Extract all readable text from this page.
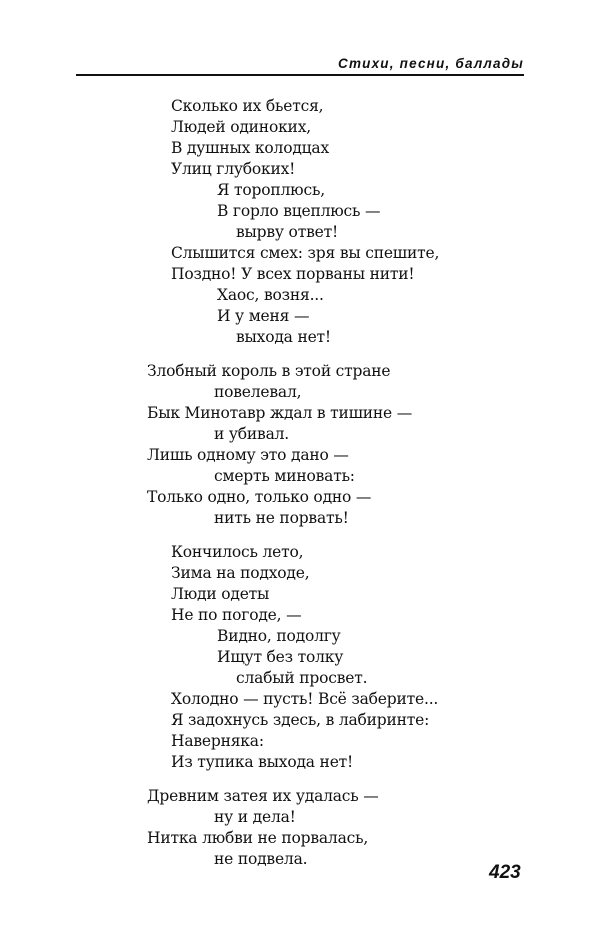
Стихи, песни, баллады
Сколько их бьется,
Людей одиноких,
В душных колодцах
Улиц глубоких!
Я тороплюсь,
В горло вцеплюсь —
вырву ответ!
Слышится смех: зря вы спешите,
Поздно! У всех порваны нити!
Хаос, возня...
И у меня —
выхода нет!
Злобный король в этой стране
повелевал,
Бык Минотавр ждал в тишине —
и убивал.
Лишь одному это дано —
смерть миновать:
Только одно, только одно —
нить не порвать!
Кончилось лето,
Зима на подходе,
Люди одеты
Не по погоде, —
Видно, подолгу
Ищут без толку
слабый просвет.
Холодно — пусть! Всё заберите...
Я задохнусь здесь, в лабиринте:
Наверняка:
Из тупика выхода нет!
Древним затея их удалась —
ну и дела!
Нитка любви не порвалась,
не подвела.
423
